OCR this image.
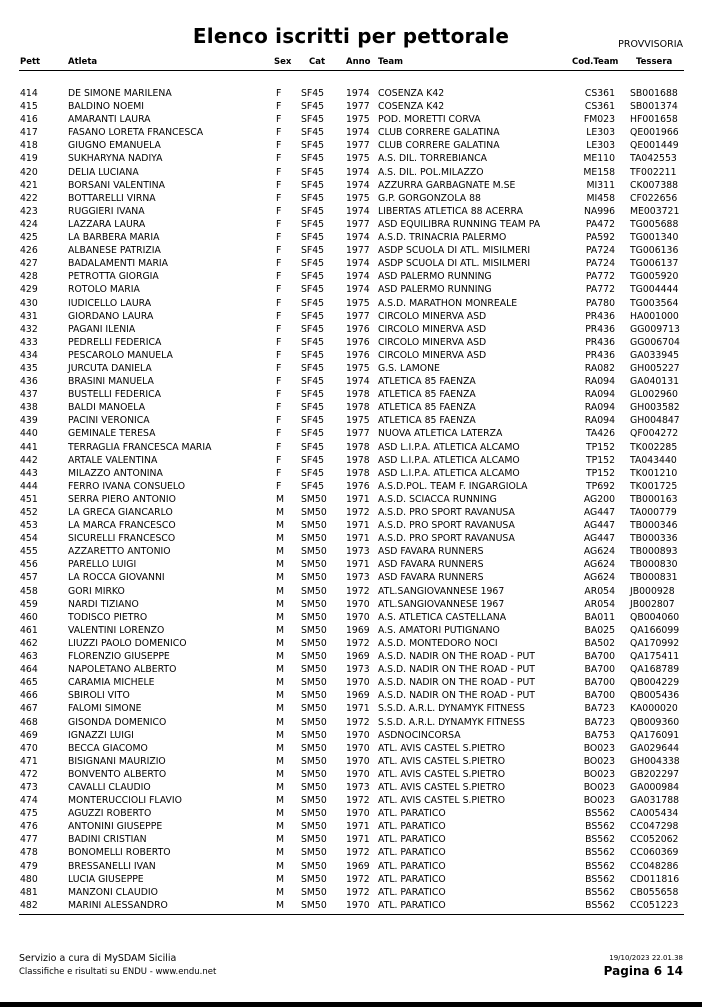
Elenco iscritti per pettorale	PROVVISORIA
Pett	Atleta	Sex Cat Anno Team	Cod.Team Tessera
414	DE SIMONE MARILENA	F SF45 1974 COSENZA K42	CS361 SB001688
415	BALDINO NOEMI	F SF45 1977 COSENZA K42	CS361 SB001374
416	AMARANTI LAURA	F SF45 1975 POD. MORETTI CORVA	FM023 HF001658
417	FASANO LORETA FRANCESCA	F SF45 1974 CLUB CORRERE GALATINA	LE303 QE001966
418	GIUGNO EMANUELA	F SF45 1977 CLUB CORRERE GALATINA	LE303 QE001449
419	SUKHARYNA NADIYA	F SF45 1975 A.S. DIL. TORREBIANCA	ME110 TA042553
420	DELIA LUCIANA	F SF45 1974 A.S. DIL. POL.MILAZZO	ME158 TF002211
421	BORSANI VALENTINA	F SF45 1974 AZZURRA GARBAGNATE M.SE	MI311 CK007388
422	BOTTARELLI VIRNA	F SF45 1975 G.P. GORGONZOLA 88	MI458 CF022656
423	RUGGIERI IVANA	F SF45 1974 LIBERTAS ATLETICA 88 ACERRA	NA996 ME003721
424	LAZZARA LAURA	F SF45 1977 ASD EQUILIBRA RUNNING TEAM PA	PA472 TG005688
425	LA BARBERA MARIA	F SF45 1974 A.S.D. TRINACRIA PALERMO	PA592 TG001340
426	ALBANESE PATRIZIA	F SF45 1977 ASDP SCUOLA DI ATL. MISILMERI	PA724 TG006136
427	BADALAMENTI MARIA	F SF45 1974 ASDP SCUOLA DI ATL. MISILMERI	PA724 TG006137
428	PETROTTA GIORGIA	F SF45 1974 ASD PALERMO RUNNING	PA772 TG005920
429	ROTOLO MARIA	F SF45 1974 ASD PALERMO RUNNING	PA772 TG004444
430	IUDICELLO LAURA	F SF45 1975 A.S.D. MARATHON MONREALE	PA780 TG003564
431	GIORDANO LAURA	F SF45 1977 CIRCOLO MINERVA ASD	PR436 HA001000
432	PAGANI ILENIA	F SF45 1976 CIRCOLO MINERVA ASD	PR436 GG009713
433	PEDRELLI FEDERICA	F SF45 1976 CIRCOLO MINERVA ASD	PR436 GG006704
434	PESCAROLO MANUELA	F SF45 1976 CIRCOLO MINERVA ASD	PR436 GA033945
435	JURCUTA DANIELA	F SF45 1975 G.S. LAMONE	RA082 GH005227
436	BRASINI MANUELA	F SF45 1974 ATLETICA 85 FAENZA	RA094 GA040131
437	BUSTELLI FEDERICA	F SF45 1978 ATLETICA 85 FAENZA	RA094 GL002960
438	BALDI MANOELA	F SF45 1978 ATLETICA 85 FAENZA	RA094 GH003582
439	PACINI VERONICA	F SF45 1975 ATLETICA 85 FAENZA	RA094 GH004847
440	GEMINALE TERESA	F SF45 1977 NUOVA ATLETICA LATERZA	TA426 QF004272
441	TERRAGLIA FRANCESCA MARIA	F SF45 1978 ASD L.I.P.A. ATLETICA ALCAMO	TP152 TK002285
442	ARTALE VALENTINA	F SF45 1978 ASD L.I.P.A. ATLETICA ALCAMO	TP152 TA043440
443	MILAZZO ANTONINA	F SF45 1978 ASD L.I.P.A. ATLETICA ALCAMO	TP152 TK001210
444	FERRO IVANA CONSUELO	F SF45 1976 A.S.D.POL. TEAM F. INGARGIOLA	TP692 TK001725
451	SERRA PIERO ANTONIO	M SM50 1971 A.S.D. SCIACCA RUNNING	AG200 TB000163
452	LA GRECA GIANCARLO	M SM50 1972 A.S.D. PRO SPORT RAVANUSA	AG447 TA000779
453	LA MARCA FRANCESCO	M SM50 1971 A.S.D. PRO SPORT RAVANUSA	AG447 TB000346
454	SICURELLI FRANCESCO	M SM50 1971 A.S.D. PRO SPORT RAVANUSA	AG447 TB000336
455	AZZARETTO ANTONIO	M SM50 1973 ASD FAVARA RUNNERS	AG624 TB000893
456	PARELLO LUIGI	M SM50 1971 ASD FAVARA RUNNERS	AG624 TB000830
457	LA ROCCA GIOVANNI	M SM50 1973 ASD FAVARA RUNNERS	AG624 TB000831
458	GORI MIRKO	M SM50 1972 ATL.SANGIOVANNESE 1967	AR054 JB000928
459	NARDI TIZIANO	M SM50 1970 ATL.SANGIOVANNESE 1967	AR054 JB002807
460	TODISCO PIETRO	M SM50 1970 A.S. ATLETICA CASTELLANA	BA011 QB004060
461	VALENTINI LORENZO	M SM50 1969 A.S. AMATORI PUTIGNANO	BA025 QA166099
462	LIUZZI PAOLO DOMENICO	M SM50 1972 A.S.D. MONTEDORO NOCI	BA502 QA170992
463	FLORENZIO GIUSEPPE	M SM50 1969 A.S.D. NADIR ON THE ROAD - PUT	BA700 QA175411
464	NAPOLETANO ALBERTO	M SM50 1973 A.S.D. NADIR ON THE ROAD - PUT	BA700 QA168789
465	CARAMIA MICHELE	M SM50 1970 A.S.D. NADIR ON THE ROAD - PUT	BA700 QB004229
466	SBIROLI VITO	M SM50 1969 A.S.D. NADIR ON THE ROAD - PUT	BA700 QB005436
467	FALOMI SIMONE	M SM50 1971 S.S.D. A.R.L. DYNAMYK FITNESS	BA723 KA000020
468	GISONDA DOMENICO	M SM50 1972 S.S.D. A.R.L. DYNAMYK FITNESS	BA723 QB009360
469	IGNAZZI LUIGI	M SM50 1970 ASDNOCINCORSA	BA753 QA176091
470	BECCA GIACOMO	M SM50 1970 ATL. AVIS CASTEL S.PIETRO	BO023 GA029644
471	BISIGNANI MAURIZIO	M SM50 1970 ATL. AVIS CASTEL S.PIETRO	BO023 GH004338
472	BONVENTO ALBERTO	M SM50 1970 ATL. AVIS CASTEL S.PIETRO	BO023 GB202297
473	CAVALLI CLAUDIO	M SM50 1973 ATL. AVIS CASTEL S.PIETRO	BO023 GA000984
474	MONTERUCCIOLI FLAVIO	M SM50 1972 ATL. AVIS CASTEL S.PIETRO	BO023 GA031788
475	AGUZZI ROBERTO	M SM50 1970 ATL. PARATICO	BS562 CA005434
476	ANTONINI GIUSEPPE	M SM50 1971 ATL. PARATICO	BS562 CC047298
477	BADINI CRISTIAN	M SM50 1971 ATL. PARATICO	BS562 CC052062
478	BONOMELLI ROBERTO	M SM50 1972 ATL. PARATICO	BS562 CC060369
479	BRESSANELLI IVAN	M SM50 1969 ATL. PARATICO	BS562 CC048286
480	LUCIA GIUSEPPE	M SM50 1972 ATL. PARATICO	BS562 CD011816
481	MANZONI CLAUDIO	M SM50 1972 ATL. PARATICO	BS562 CB055658
482	MARINI ALESSANDRO	M SM50 1970 ATL. PARATICO	BS562 CC051223
Servizio a cura di MySDAM Sicilia
Classifiche e risultati su ENDU - www.endu.net
19/10/2023 22.01.38
Pagina 6 14
